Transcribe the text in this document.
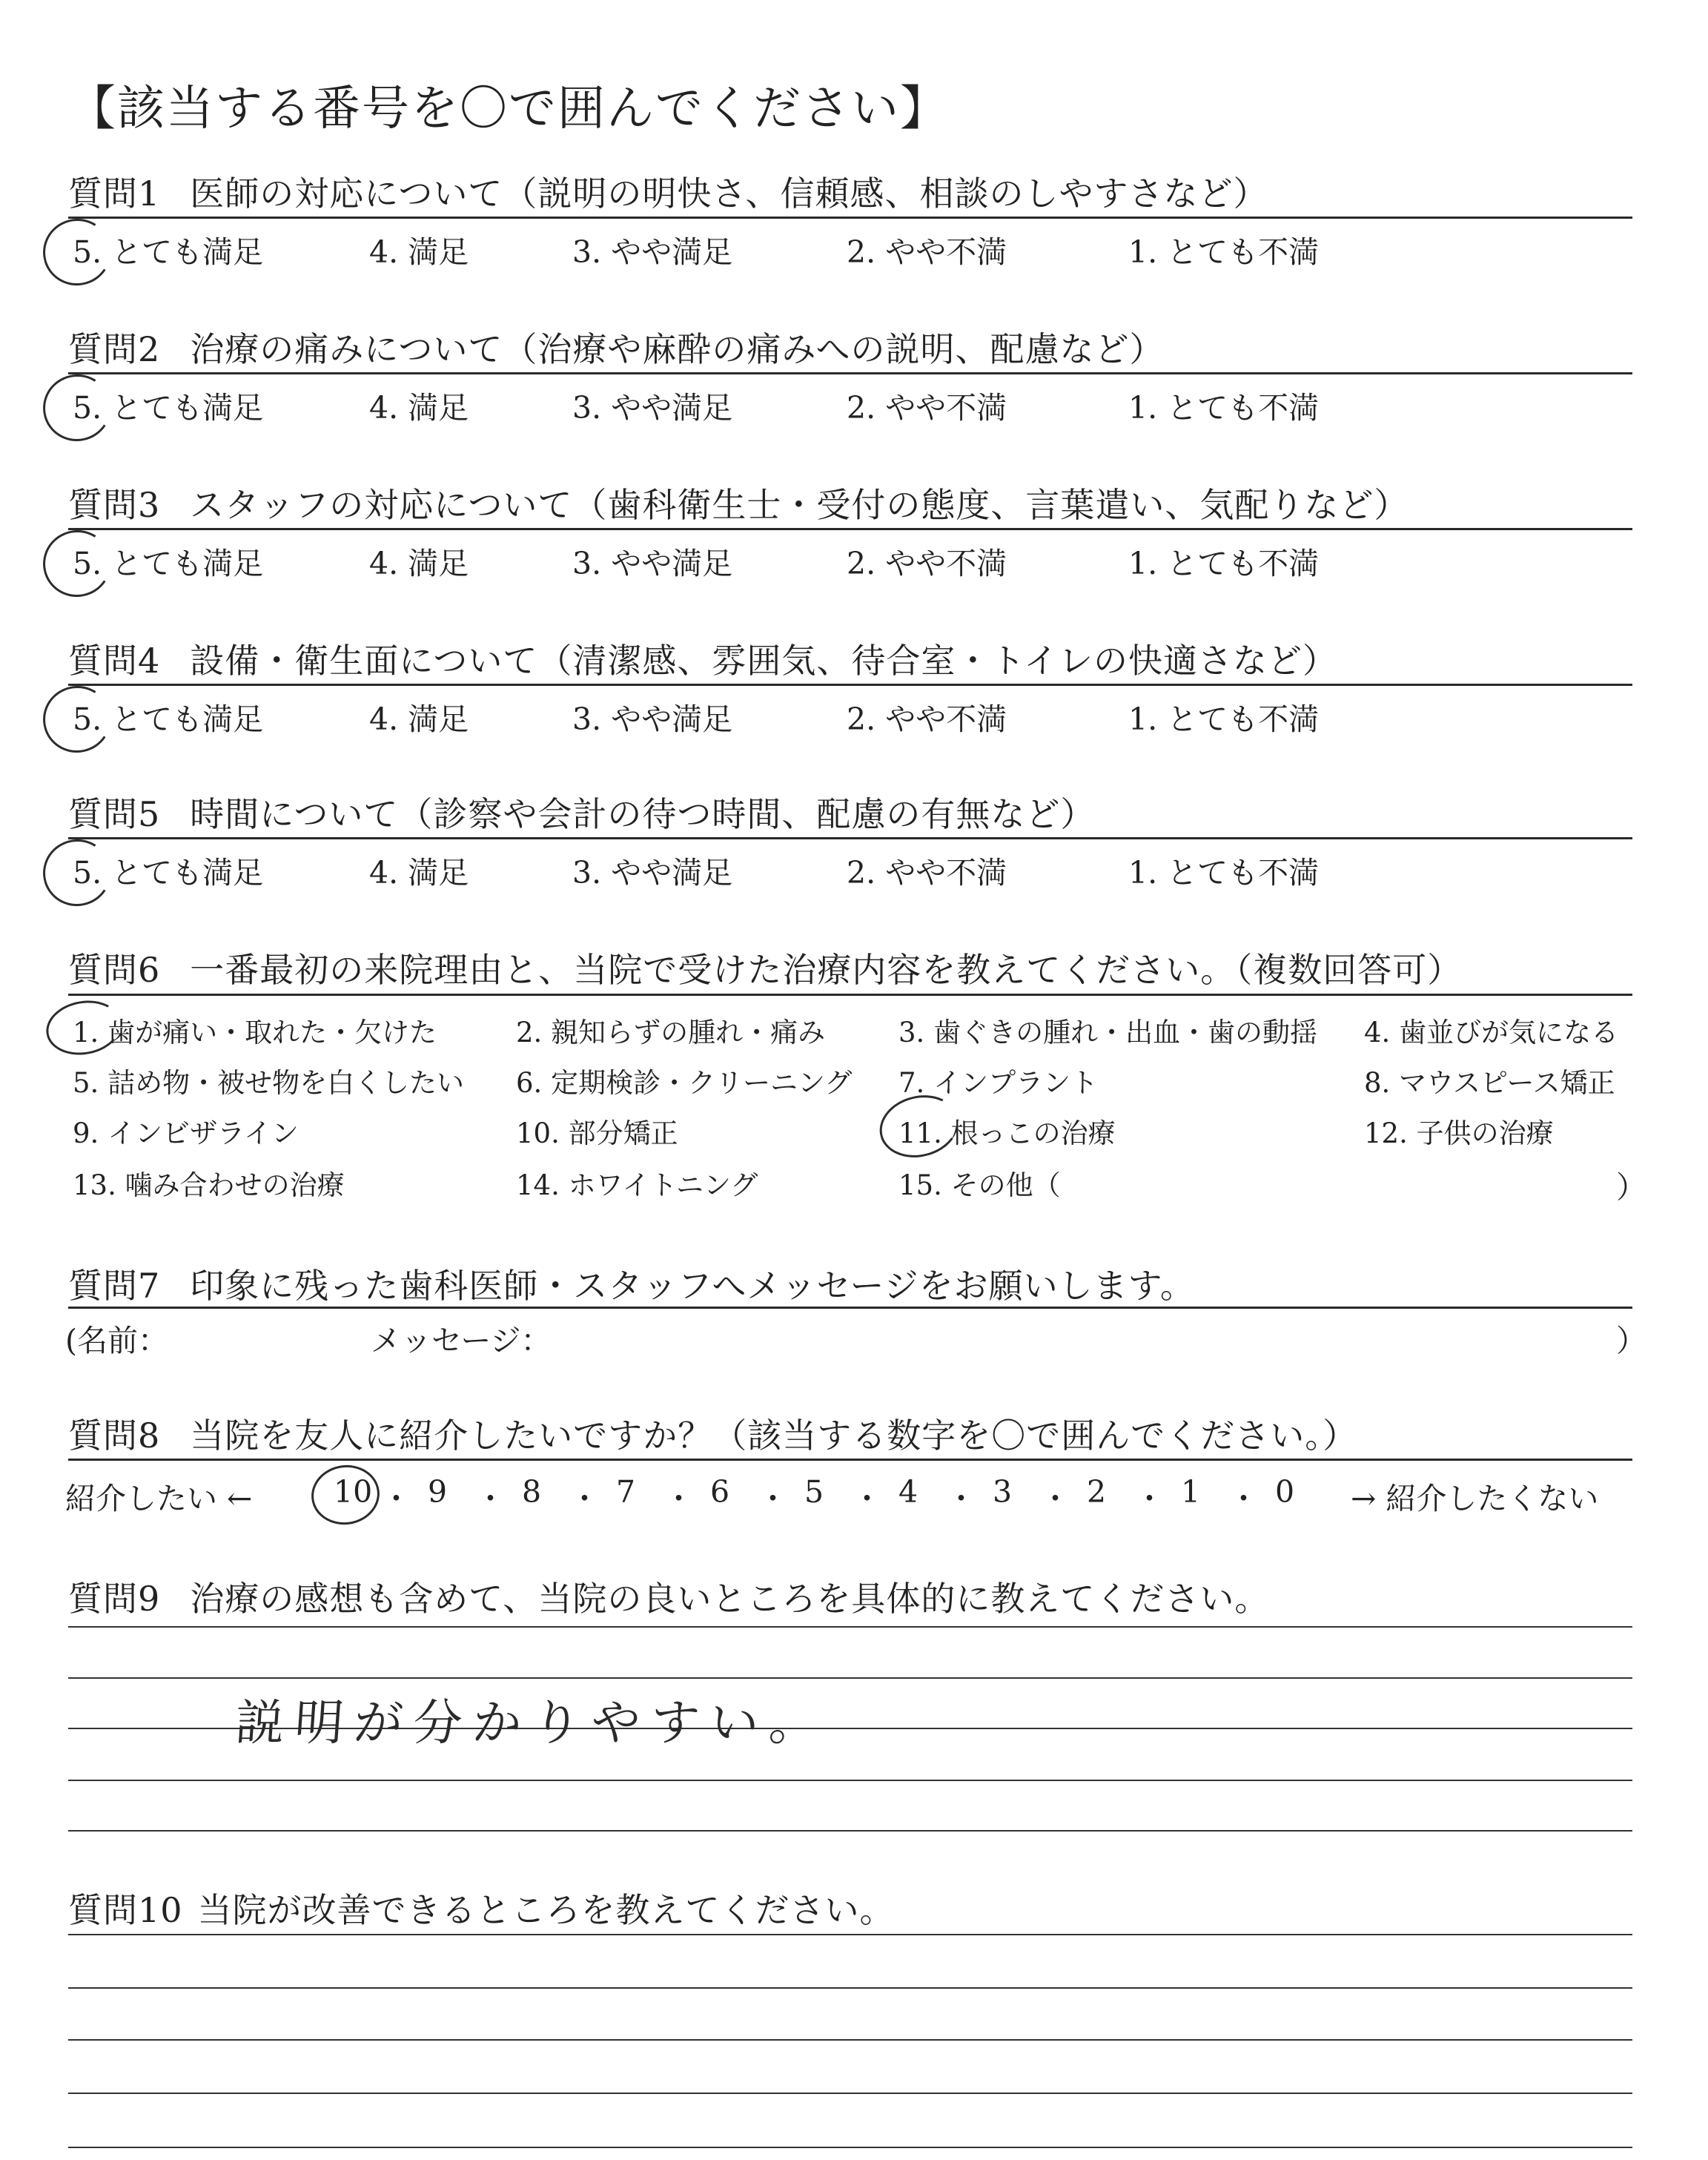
【該当する番号を〇で囲んでください】
質問1 医師の対応について（説明の明快さ、信頼感、相談のしやすさなど）
5. とても満足	4. 満足	3. やや満足	2. やや不満	1. とても不満
質問2 治療の痛みについて（治療や麻酔の痛みへの説明、配慮など）
5. とても満足	4. 満足	3. やや満足	2. やや不満	1. とても不満
質問3 スタッフの対応について（歯科衛生士・受付の態度、言葉遣い、気配りなど）
5. とても満足	4. 満足	3. やや満足	2. やや不満	1. とても不満
質問4 設備・衛生面について（清潔感、雰囲気、待合室・トイレの快適さなど）
5. とても満足	4. 満足	3. やや満足	2. やや不満	1. とても不満
質問5 時間について（診察や会計の待つ時間、配慮の有無など）
5. とても満足	4. 満足	3. やや満足	2. やや不満	1. とても不満
質問6 一番最初の来院理由と、当院で受けた治療内容を教えてください。（複数回答可）
1. 歯が痛い・取れた・欠けた	2. 親知らずの腫れ・痛み	3. 歯ぐきの腫れ・出血・歯の動揺 4. 歯並びが気になる
5. 詰め物・被せ物を白くしたい 6. 定期検診・クリーニング 7. インプラント	8. マウスピース矯正
9. インビザライン	10. 部分矯正	11. 根っこの治療	12. 子供の治療
13. 噛み合わせの治療	14. ホワイトニング	15. その他（	）
質問7 印象に残った歯科医師・スタッフへメッセージをお願いします。
(名前：	メッセージ：	）
質問8 当院を友人に紹介したいですか？（該当する数字を〇で囲んでください。）
紹介したい ←	10 ・ 9 ・ 8 ・ 7 ・ 6 ・ 5 ・ 4 ・ 3 ・ 2 ・ 1 ・ 0 → 紹介したくない
質問9 治療の感想も含めて、当院の良いところを具体的に教えてください。
説明が分かりやすい。
質問10 当院が改善できるところを教えてください。
